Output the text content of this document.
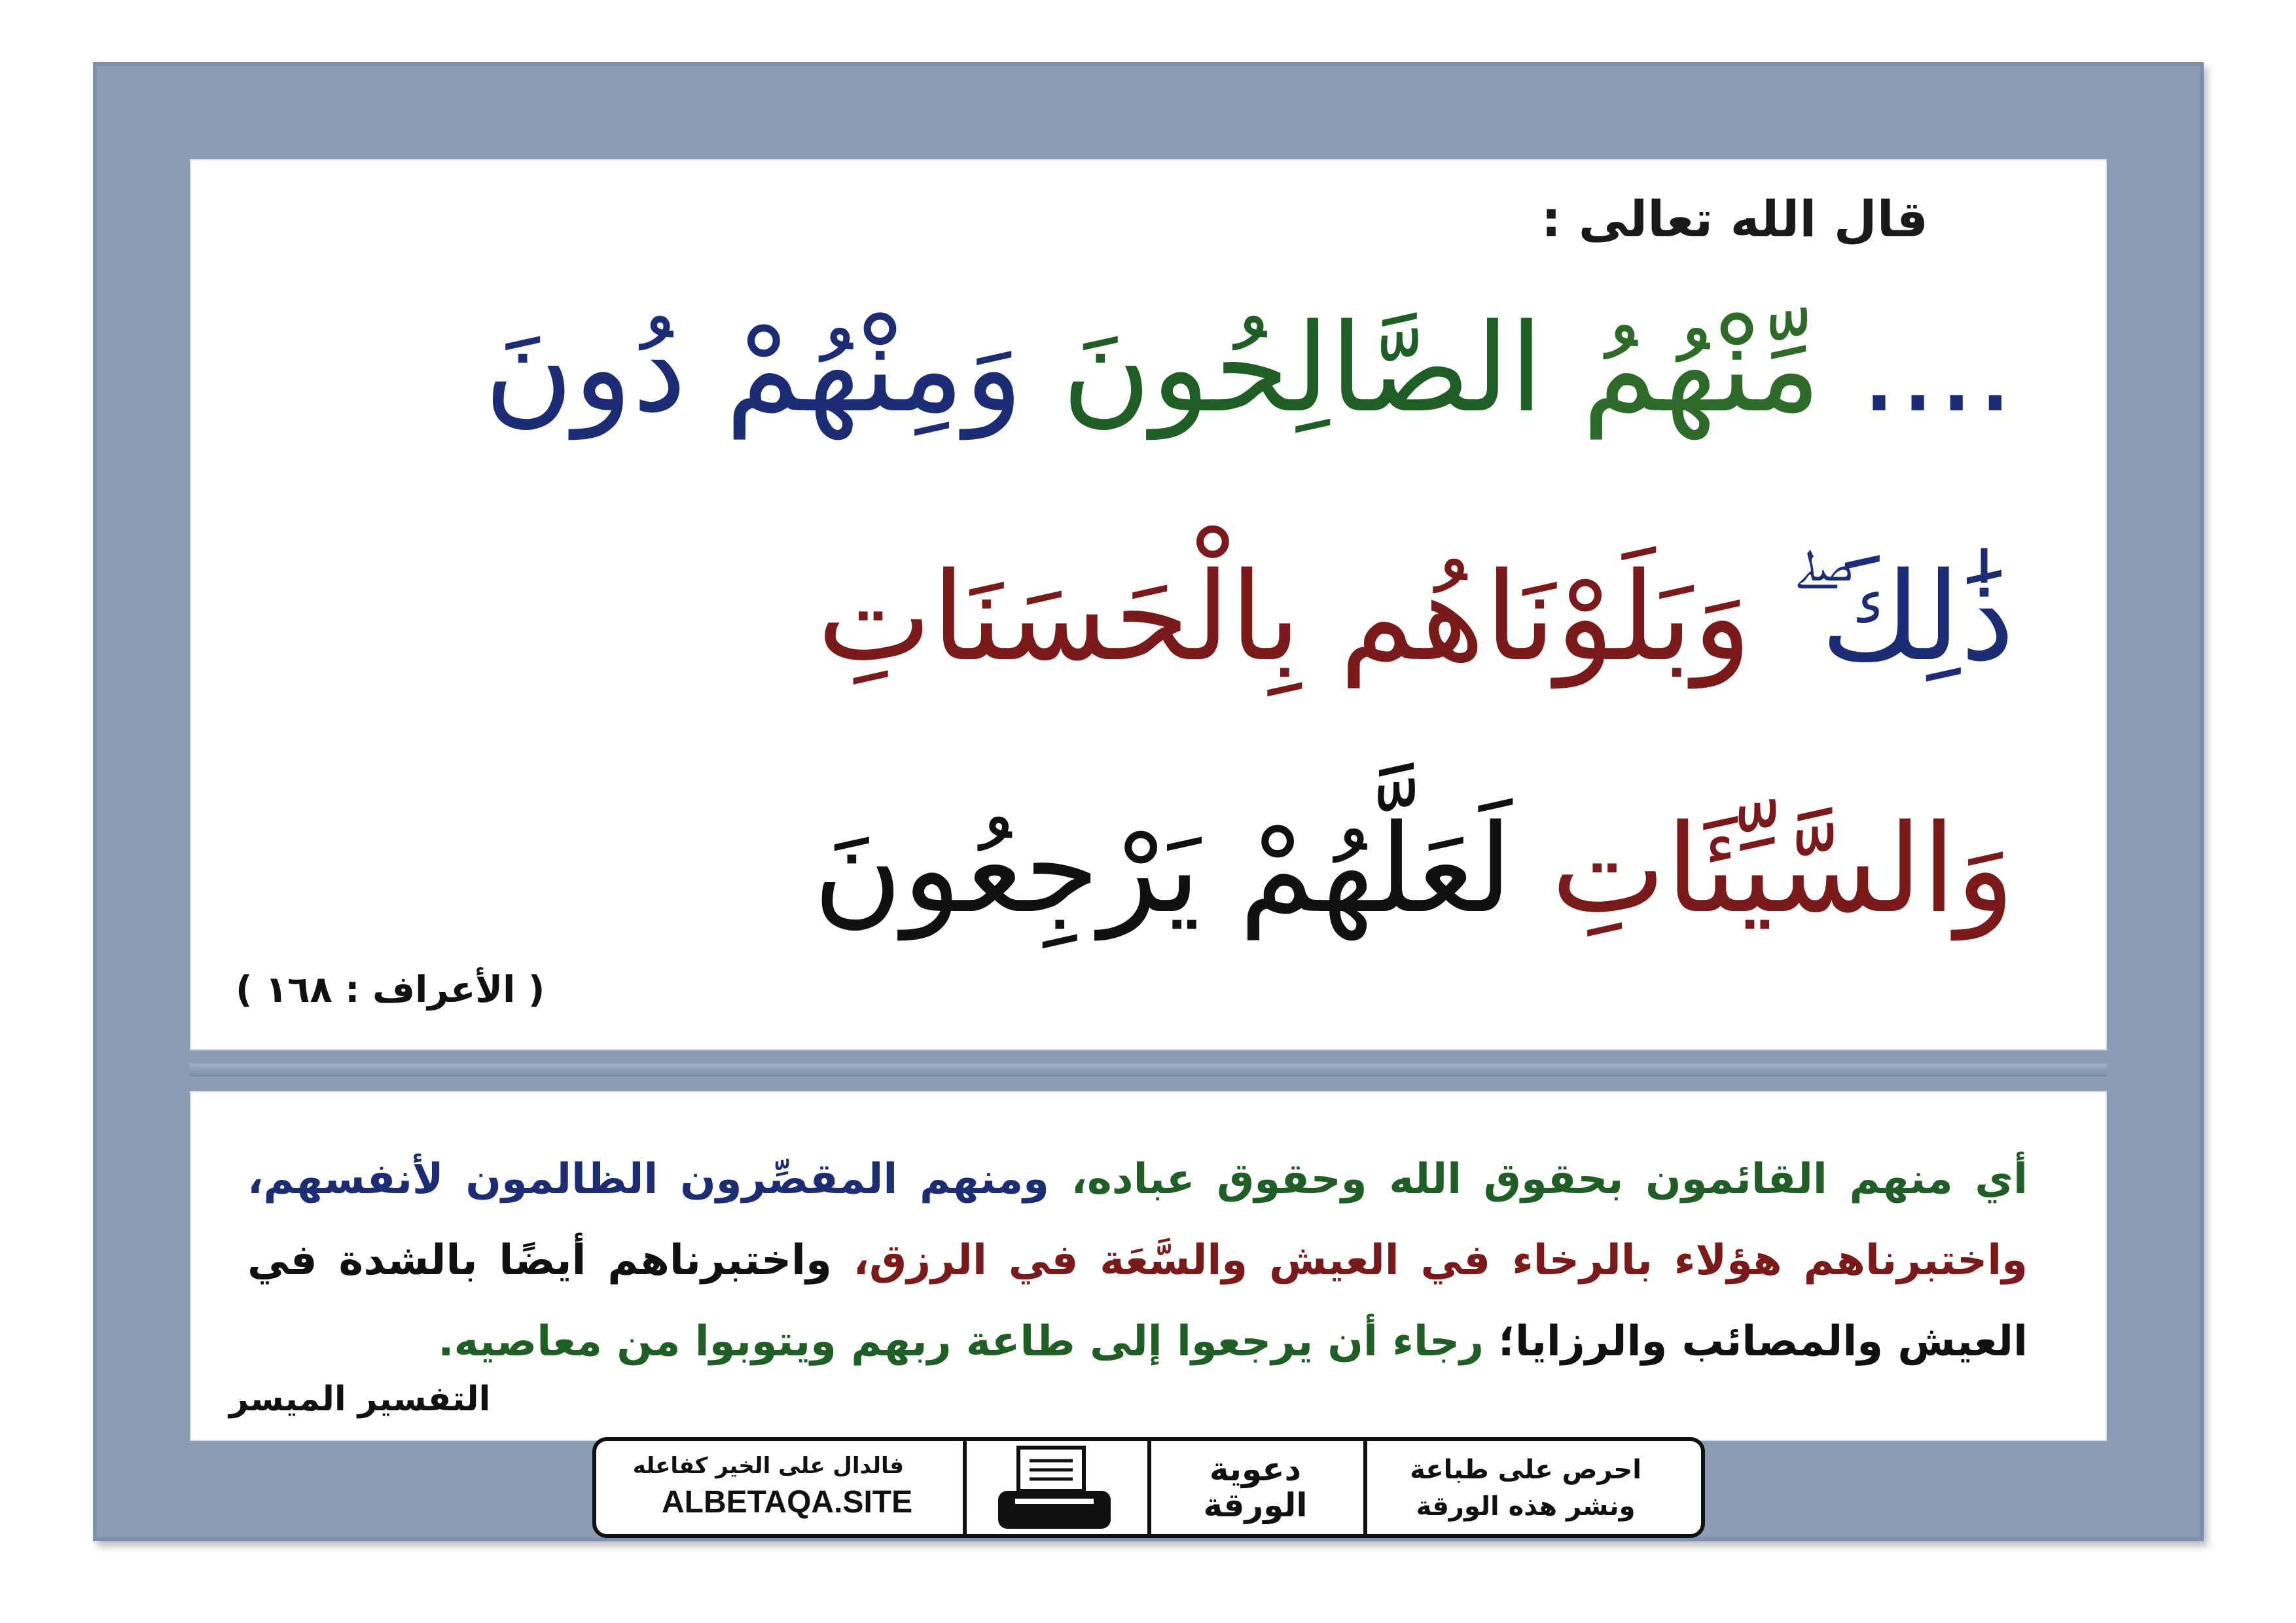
قال الله تعالى :
.... مِّنْهُمُ الصَّالِحُونَ وَمِنْهُمْ دُونَ
ذَٰلِكَ ۖ وَبَلَوْنَاهُم بِالْحَسَنَاتِ
وَالسَّيِّئَاتِ لَعَلَّهُمْ يَرْجِعُونَ
( الأعراف : ١٦٨ )
أي منهم القائمون بحقوق الله وحقوق عباده، ومنهم المقصِّرون الظالمون لأنفسهم، واختبرناهم هؤلاء بالرخاء في العيش والسَّعَة في الرزق، واختبرناهم أيضًا بالشدة في العيش والمصائب والرزايا؛ رجاء أن يرجعوا إلى طاعة ربهم ويتوبوا من معاصيه.
التفسير الميسر
فالدال على الخير كفاعله
ALBETAQA.SITE
دعوية
الورقة
احرص على طباعة
ونشر هذه الورقة
